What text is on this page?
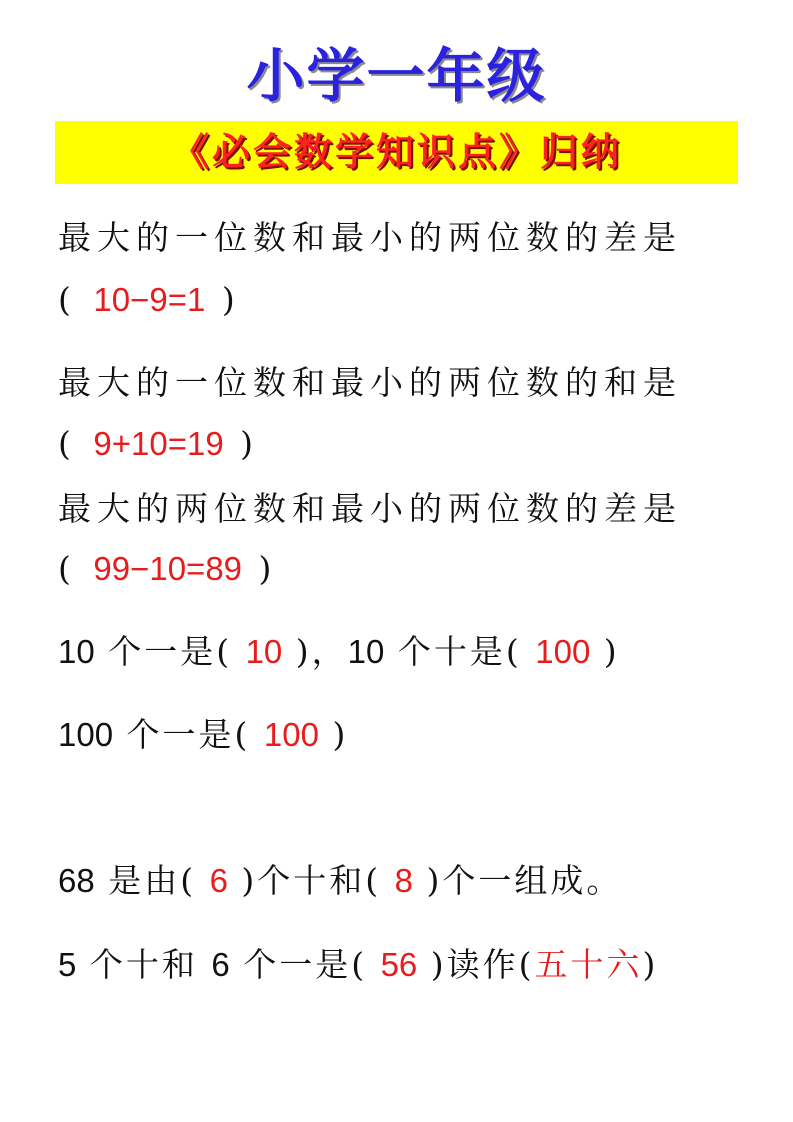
小学一年级
《必会数学知识点》归纳
最大的一位数和最小的两位数的差是
( 10−9=1 )
最大的一位数和最小的两位数的和是
( 9+10=19 )
最大的两位数和最小的两位数的差是
( 99−10=89 )
10 个一是( 10 )，10 个十是( 100 )
100 个一是( 100 )
68 是由( 6 )个十和( 8 )个一组成。
5 个十和 6 个一是( 56 )读作(五十六)
